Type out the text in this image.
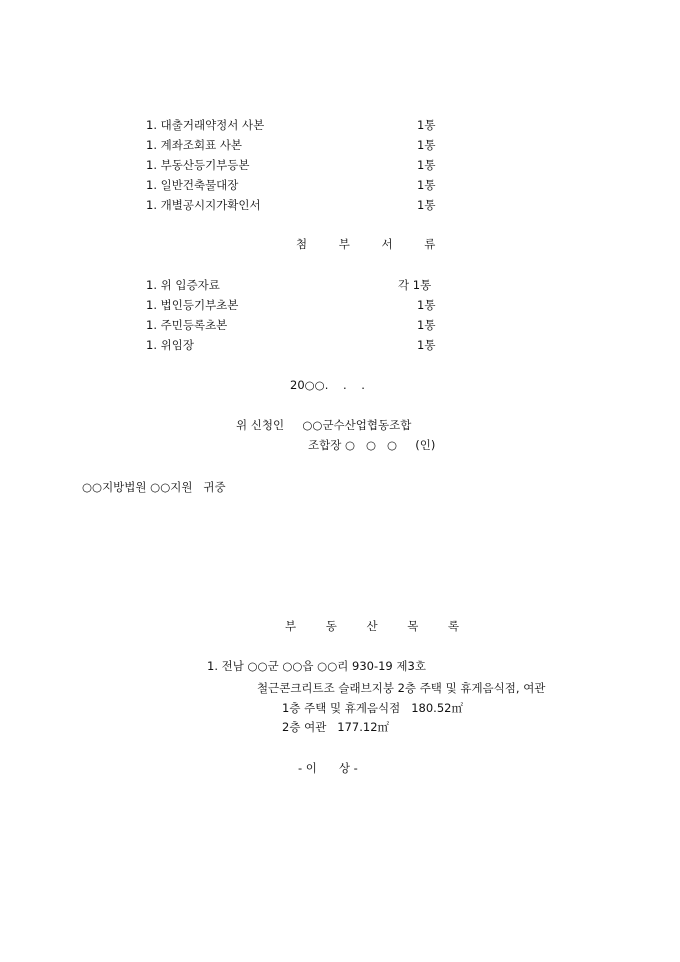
1. 대출거래약정서 사본	1통
1. 계좌조회표 사본	1통
1. 부동산등기부등본	1통
1. 일반건축물대장	1통
1. 개별공시지가확인서	1통
첨 부 서 류
1. 위 입증자료	각 1통
1. 법인등기부초본	1통
1. 주민등록초본	1통
1. 위임장	1통
20○○.    .    .
위 신청인     ○○군수산업협동조합
조합장 ○   ○   ○     (인)
○○지방법원 ○○지원   귀중
부 동 산 목 록
1. 전남 ○○군 ○○읍 ○○리 930-19 제3호
철근콘크리트조 슬래브지붕 2층 주택 및 휴게음식점, 여관
1층 주택 및 휴게음식점   180.52㎡
2층 여관   177.12㎡
- 이      상 -
